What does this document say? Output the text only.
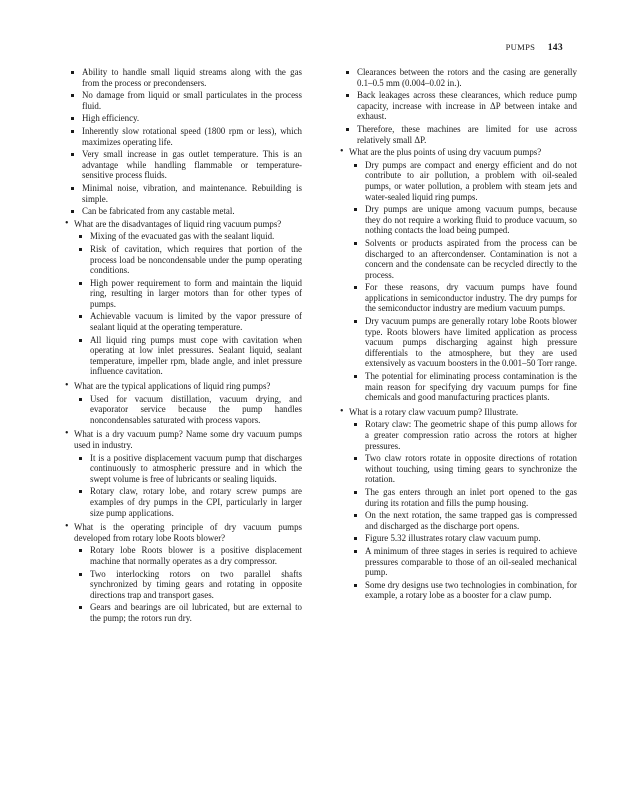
PUMPS 143
Ability to handle small liquid streams along with the gas from the process or precondensers.
No damage from liquid or small particulates in the process fluid.
High efficiency.
Inherently slow rotational speed (1800 rpm or less), which maximizes operating life.
Very small increase in gas outlet temperature. This is an advantage while handling flammable or temperature-sensitive process fluids.
Minimal noise, vibration, and maintenance. Rebuilding is simple.
Can be fabricated from any castable metal.
• What are the disadvantages of liquid ring vacuum pumps?
Mixing of the evacuated gas with the sealant liquid.
Risk of cavitation, which requires that portion of the process load be noncondensable under the pump operating conditions.
High power requirement to form and maintain the liquid ring, resulting in larger motors than for other types of pumps.
Achievable vacuum is limited by the vapor pressure of sealant liquid at the operating temperature.
All liquid ring pumps must cope with cavitation when operating at low inlet pressures. Sealant liquid, sealant temperature, impeller rpm, blade angle, and inlet pressure influence cavitation.
• What are the typical applications of liquid ring pumps?
Used for vacuum distillation, vacuum drying, and evaporator service because the pump handles noncondensables saturated with process vapors.
• What is a dry vacuum pump? Name some dry vacuum pumps used in industry.
It is a positive displacement vacuum pump that discharges continuously to atmospheric pressure and in which the swept volume is free of lubricants or sealing liquids.
Rotary claw, rotary lobe, and rotary screw pumps are examples of dry pumps in the CPI, particularly in larger size pump applications.
• What is the operating principle of dry vacuum pumps developed from rotary lobe Roots blower?
Rotary lobe Roots blower is a positive displacement machine that normally operates as a dry compressor.
Two interlocking rotors on two parallel shafts synchronized by timing gears and rotating in opposite directions trap and transport gases.
Gears and bearings are oil lubricated, but are external to the pump; the rotors run dry.
Clearances between the rotors and the casing are generally 0.1–0.5 mm (0.004–0.02 in.).
Back leakages across these clearances, which reduce pump capacity, increase with increase in ΔP between intake and exhaust.
Therefore, these machines are limited for use across relatively small ΔP.
• What are the plus points of using dry vacuum pumps?
Dry pumps are compact and energy efficient and do not contribute to air pollution, a problem with oil-sealed pumps, or water pollution, a problem with steam jets and water-sealed liquid ring pumps.
Dry pumps are unique among vacuum pumps, because they do not require a working fluid to produce vacuum, so nothing contacts the load being pumped.
Solvents or products aspirated from the process can be discharged to an aftercondenser. Contamination is not a concern and the condensate can be recycled directly to the process.
For these reasons, dry vacuum pumps have found applications in semiconductor industry. The dry pumps for the semiconductor industry are medium vacuum pumps.
Dry vacuum pumps are generally rotary lobe Roots blower type. Roots blowers have limited application as process vacuum pumps discharging against high pressure differentials to the atmosphere, but they are used extensively as vacuum boosters in the 0.001–50 Torr range.
The potential for eliminating process contamination is the main reason for specifying dry vacuum pumps for fine chemicals and good manufacturing practices plants.
• What is a rotary claw vacuum pump? Illustrate.
Rotary claw: The geometric shape of this pump allows for a greater compression ratio across the rotors at higher pressures.
Two claw rotors rotate in opposite directions of rotation without touching, using timing gears to synchronize the rotation.
The gas enters through an inlet port opened to the gas during its rotation and fills the pump housing.
On the next rotation, the same trapped gas is compressed and discharged as the discharge port opens.
Figure 5.32 illustrates rotary claw vacuum pump.
A minimum of three stages in series is required to achieve pressures comparable to those of an oil-sealed mechanical pump.
Some dry designs use two technologies in combination, for example, a rotary lobe as a booster for a claw pump.
